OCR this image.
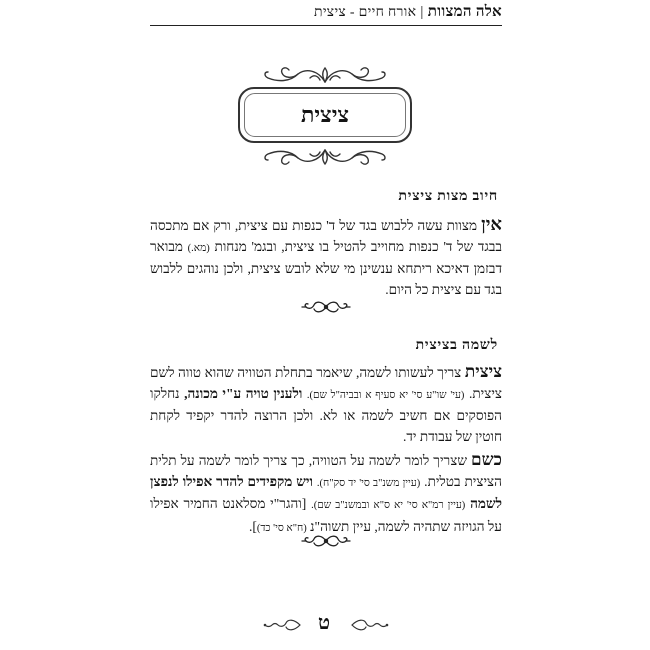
אלה המצוות | אורח חיים - ציצית
ציצית
חיוב מצות ציצית
אין מצוות עשה ללבוש בגד של ד' כנפות עם ציצית, ורק אם מתכסה בבגד של ד' כנפות מחוייב להטיל בו ציצית, ובגמ' מנחות (מא.) מבואר דבזמן דאיכא ריתחא ענשינן מי שלא לובש ציצית, ולכן נוהגים ללבוש בגד עם ציצית כל היום.
לשמה בציצית
ציצית צריך לעשותו לשמה, שיאמר בתחלת הטוויה שהוא טווה לשם ציצית. (עי' שו"ע סי' יא סעיף א ובביה"ל שם). ולענין טויה ע"י מכונה, נחלקו הפוסקים אם חשיב לשמה או לא. ולכן הרוצה להדר יקפיד לקחת חוטין של עבודת יד.
כשם שצריך לומר לשמה על הטוויה, כך צריך לומר לשמה על תלית הציצית בטלית. (עיין משנ"ב סי' יד סק"ח). ויש מקפידים להדר אפילו לנפצן לשמה (עיין רמ"א סי' יא ס"א ובמשנ"ב שם). [והגר"י מסלאנט החמיר אפילו על הגויזה שתהיה לשמה, עיין תשוה"נ (ח"א סי' כד)].
ט
